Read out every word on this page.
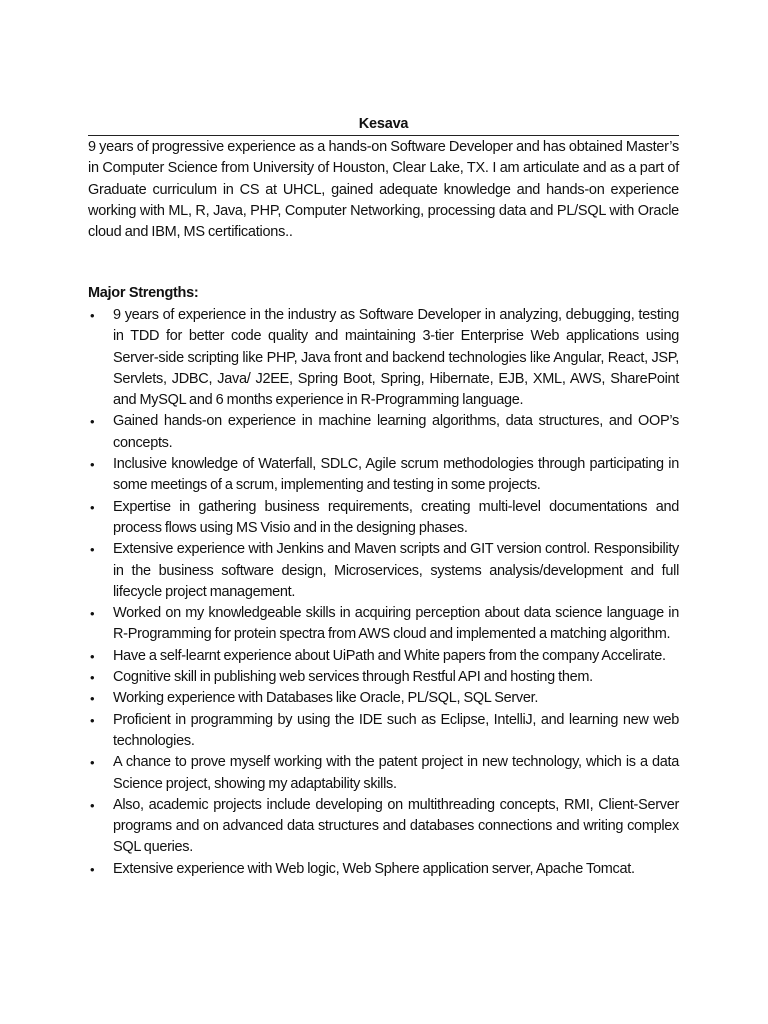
Kesava
9 years of progressive experience as a hands-on Software Developer and has obtained Master’s in Computer Science from University of Houston, Clear Lake, TX. I am articulate and as a part of Graduate curriculum in CS at UHCL, gained adequate knowledge and hands-on experience working with ML, R, Java, PHP, Computer Networking, processing data and PL/SQL with Oracle cloud and IBM, MS certifications..
Major Strengths:
• 9 years of experience in the industry as Software Developer in analyzing, debugging, testing in TDD for better code quality and maintaining 3-tier Enterprise Web applications using Server-side scripting like PHP, Java front and backend technologies like Angular, React, JSP, Servlets, JDBC, Java/ J2EE, Spring Boot, Spring, Hibernate, EJB, XML, AWS, SharePoint and MySQL and 6 months experience in R-Programming language.
• Gained hands-on experience in machine learning algorithms, data structures, and OOP’s concepts.
• Inclusive knowledge of Waterfall, SDLC, Agile scrum methodologies through participating in some meetings of a scrum, implementing and testing in some projects.
• Expertise in gathering business requirements, creating multi-level documentations and process flows using MS Visio and in the designing phases.
• Extensive experience with Jenkins and Maven scripts and GIT version control. Responsibility in the business software design, Microservices, systems analysis/development and full lifecycle project management.
• Worked on my knowledgeable skills in acquiring perception about data science language in R-Programming for protein spectra from AWS cloud and implemented a matching algorithm.
• Have a self-learnt experience about UiPath and White papers from the company Accelirate.
• Cognitive skill in publishing web services through Restful API and hosting them.
• Working experience with Databases like Oracle, PL/SQL, SQL Server.
• Proficient in programming by using the IDE such as Eclipse, IntelliJ, and learning new web technologies.
• A chance to prove myself working with the patent project in new technology, which is a data Science project, showing my adaptability skills.
• Also, academic projects include developing on multithreading concepts, RMI, Client-Server programs and on advanced data structures and databases connections and writing complex SQL queries.
• Extensive experience with Web logic, Web Sphere application server, Apache Tomcat.
